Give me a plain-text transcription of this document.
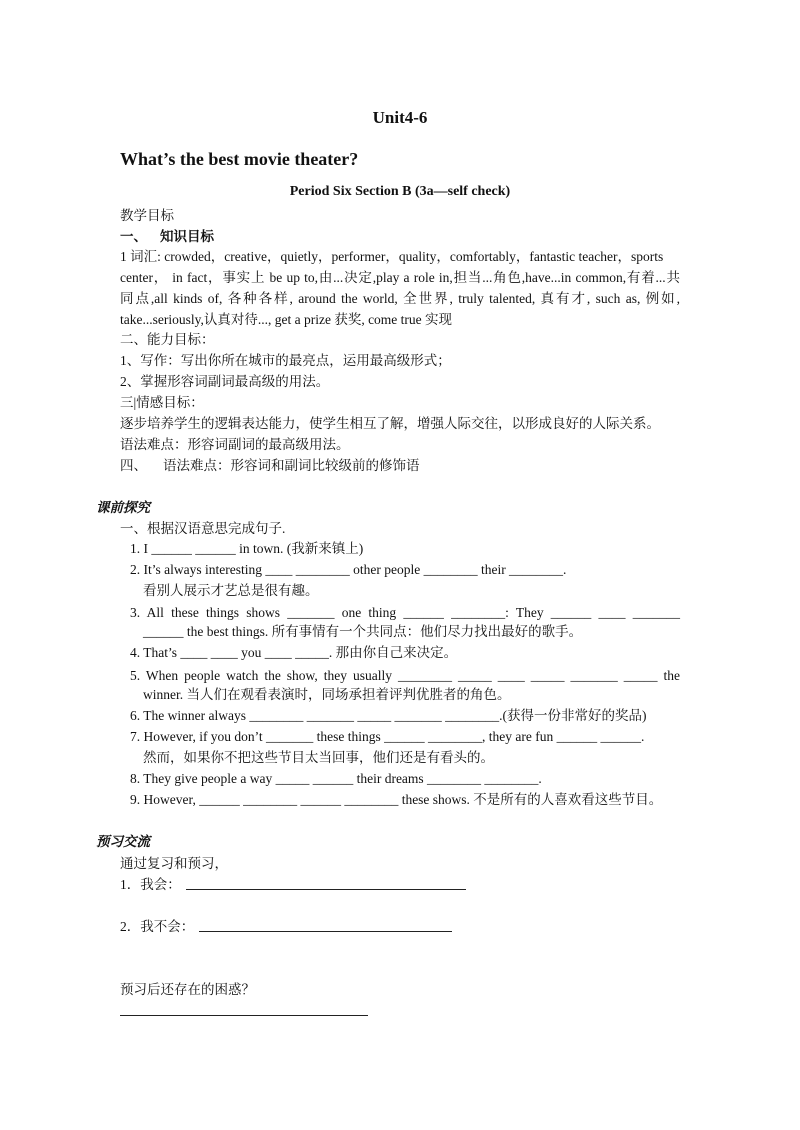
Unit4-6
What’s the best movie theater?
Period Six Section B (3a—self check)
教学目标
一、 知识目标
1 词汇: crowded，creative，quietly，performer，quality，comfortably，fantastic teacher，sports
center， in fact，事实上 be up to,由...决定,play a role in,担当...角色,have...in common,有着...共
同点,all kinds of, 各种各样, around the world, 全世界, truly talented, 真有才, such as, 例如,
take...seriously,认真对待..., get a prize 获奖, come true 实现
二、能力目标：
1、写作：写出你所在城市的最亮点，运用最高级形式；
2、掌握形容词副词最高级的用法。
三|情感目标：
逐步培养学生的逻辑表达能力，使学生相互了解，增强人际交往，以形成良好的人际关系。
语法难点：形容词副词的最高级用法。
四、 语法难点：形容词和副词比较级前的修饰语
课前探究
一、根据汉语意思完成句子.
1. I ______ ______ in town. (我新来镇上)
2. It’s always interesting ____ ________ other people ________ their ________.
看别人展示才艺总是很有趣。
3. All these things shows _______ one thing ______ ________: They ______ ____ _______
______ the best things. 所有事情有一个共同点：他们尽力找出最好的歌手。
4. That’s ____ ____ you ____ _____. 那由你自己来决定。
5. When people watch the show, they usually ________ _____ ____ _____ _______ _____ the
winner. 当人们在观看表演时，同场承担着评判优胜者的角色。
6. The winner always ________ _______ _____ _______ ________.(获得一份非常好的奖品)
7. However, if you don’t _______ these things ______ ________, they are fun ______ ______.
然而，如果你不把这些节目太当回事，他们还是有看头的。
8. They give people a way _____ ______ their dreams ________ ________.
9. However, ______ ________ ______ ________ these shows. 不是所有的人喜欢看这些节目。
预习交流
通过复习和预习，
1．我会：
2．我不会：
预习后还存在的困惑？
